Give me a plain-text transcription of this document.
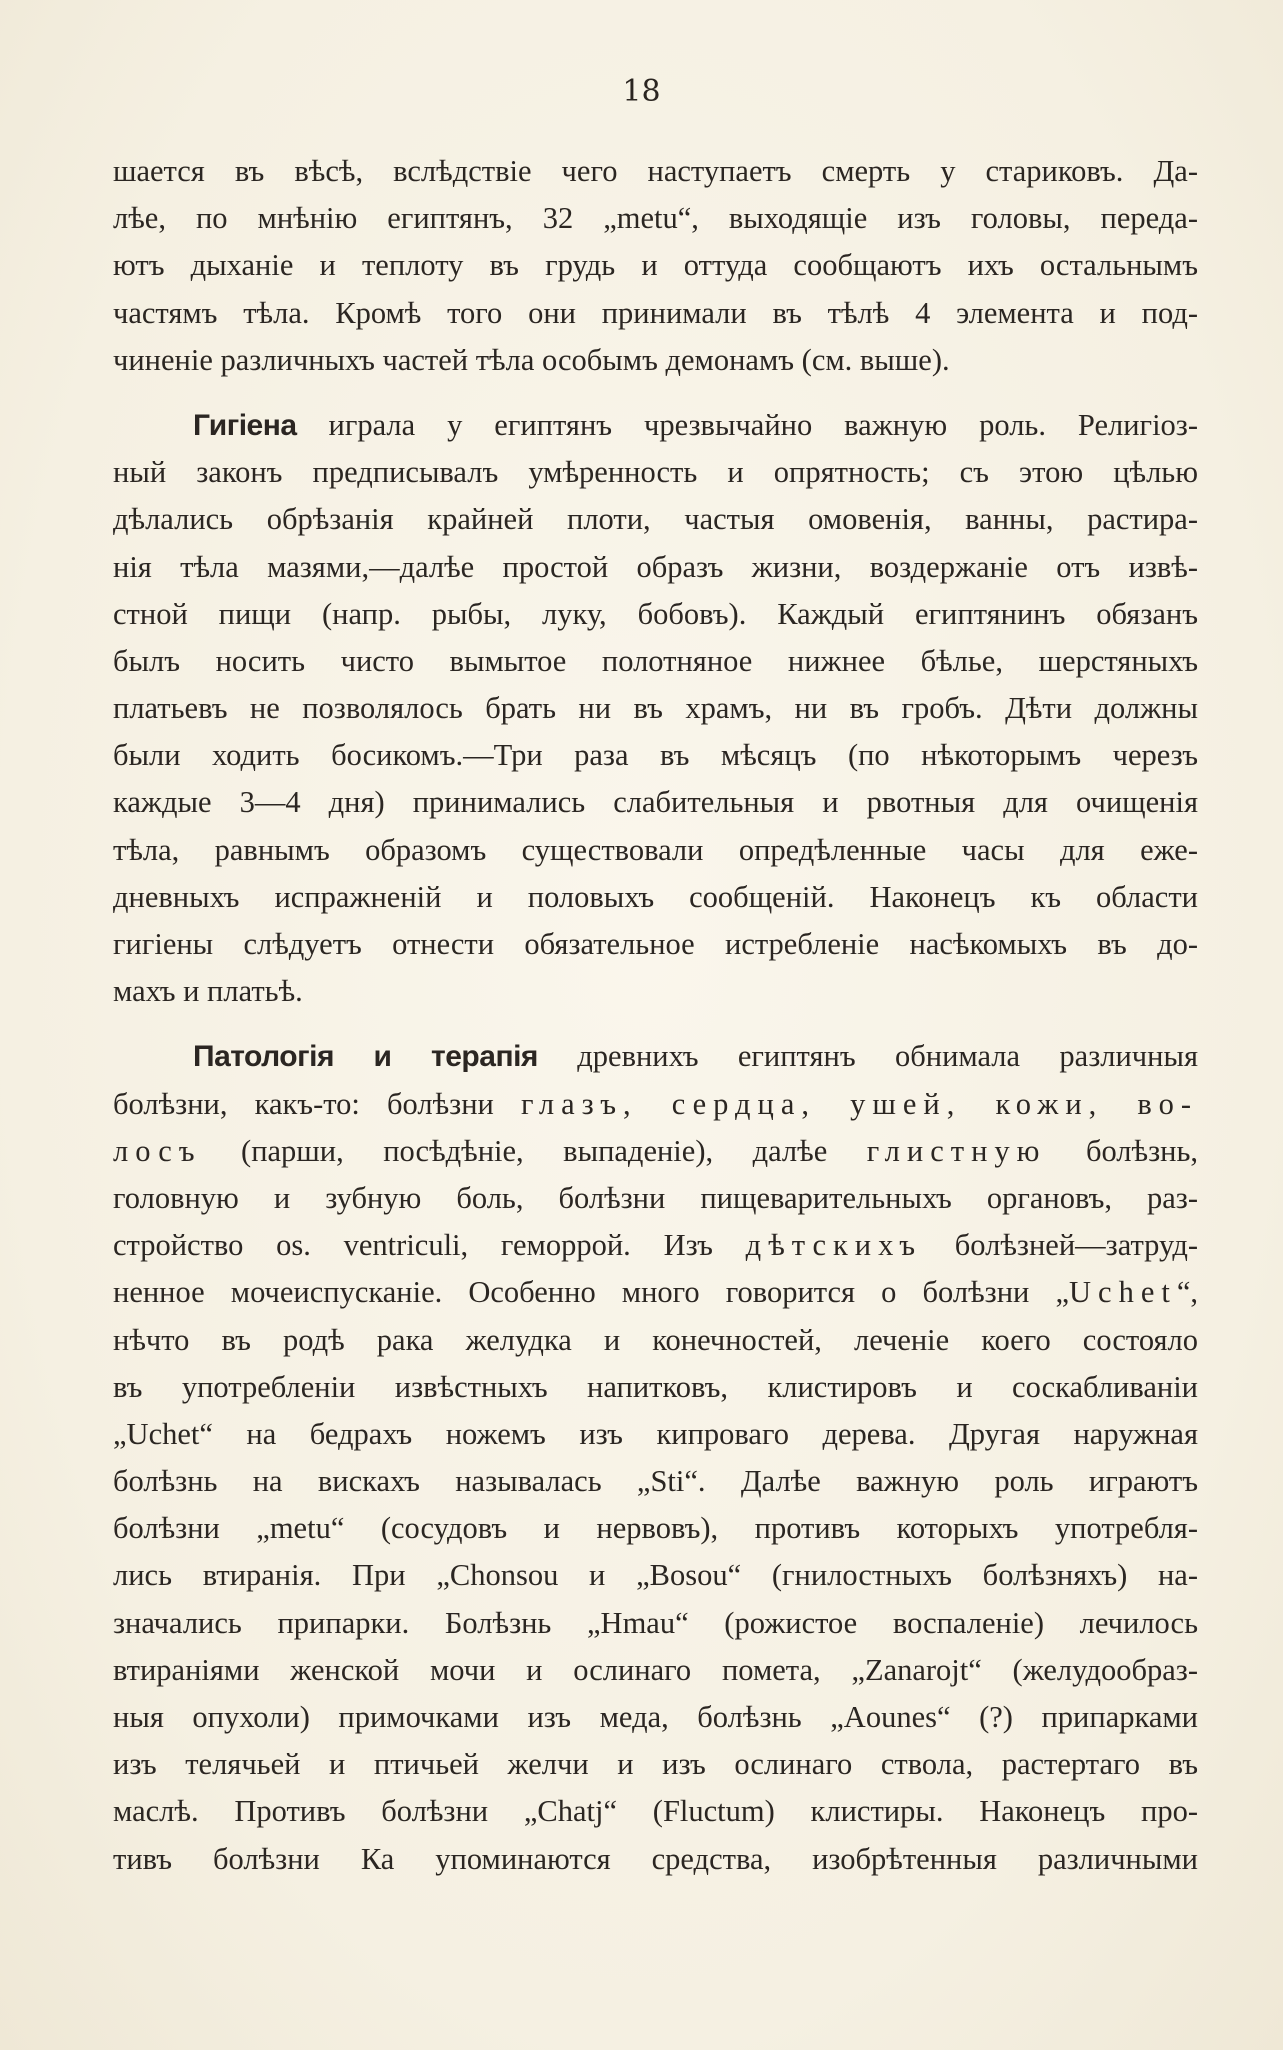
18
шается въ вѣсѣ, вслѣдствіе чего наступаетъ смерть у стариковъ. Да-
лѣе, по мнѣнію египтянъ, 32 „metu“, выходящіе изъ головы, переда-
ютъ дыханіе и теплоту въ грудь и оттуда сообщаютъ ихъ остальнымъ
частямъ тѣла. Кромѣ того они принимали въ тѣлѣ 4 элемента и под-
чиненіе различныхъ частей тѣла особымъ демонамъ (см. выше).
Гигіена играла у египтянъ чрезвычайно важную роль. Религіоз-
ный законъ предписывалъ умѣренность и опрятность; съ этою цѣлью
дѣлались обрѣзанія крайней плоти, частыя омовенія, ванны, растира-
нія тѣла мазями,—далѣе простой образъ жизни, воздержаніе отъ извѣ-
стной пищи (напр. рыбы, луку, бобовъ). Каждый египтянинъ обязанъ
былъ носить чисто вымытое полотняное нижнее бѣлье, шерстяныхъ
платьевъ не позволялось брать ни въ храмъ, ни въ гробъ. Дѣти должны
были ходить босикомъ.—Три раза въ мѣсяцъ (по нѣкоторымъ черезъ
каждые 3—4 дня) принимались слабительныя и рвотныя для очищенія
тѣла, равнымъ образомъ существовали опредѣленные часы для еже-
дневныхъ испражненій и половыхъ сообщеній. Наконецъ къ области
гигіены слѣдуетъ отнести обязательное истребленіе насѣкомыхъ въ до-
махъ и платьѣ.
Патологія и терапія древнихъ египтянъ обнимала различныя
болѣзни, какъ-то: болѣзни глазъ, сердца, ушей, кожи, во-
лосъ (парши, посѣдѣніе, выпаденіе), далѣе глистную болѣзнь,
головную и зубную боль, болѣзни пищеварительныхъ органовъ, раз-
стройство os. ventriculi, геморрой. Изъ дѣтскихъ болѣзней—затруд-
ненное мочеиспусканіе. Особенно много говорится о болѣзни „Uchet“,
нѣчто въ родѣ рака желудка и конечностей, леченіе коего состояло
въ употребленіи извѣстныхъ напитковъ, клистировъ и соскабливаніи
„Uchet“ на бедрахъ ножемъ изъ кипроваго дерева. Другая наружная
болѣзнь на вискахъ называлась „Sti“. Далѣе важную роль играютъ
болѣзни „metu“ (сосудовъ и нервовъ), противъ которыхъ употребля-
лись втиранія. При „Chonsou и „Bosou“ (гнилостныхъ болѣзняхъ) на-
значались припарки. Болѣзнь „Hmau“ (рожистое воспаленіе) лечилось
втираніями женской мочи и ослинаго помета, „Zanarojt“ (желудообраз-
ныя опухоли) примочками изъ меда, болѣзнь „Aounes“ (?) припарками
изъ телячьей и птичьей желчи и изъ ослинаго ствола, растертаго въ
маслѣ. Противъ болѣзни „Chatj“ (Fluctum) клистиры. Наконецъ про-
тивъ болѣзни Ка упоминаются средства, изобрѣтенныя различными
